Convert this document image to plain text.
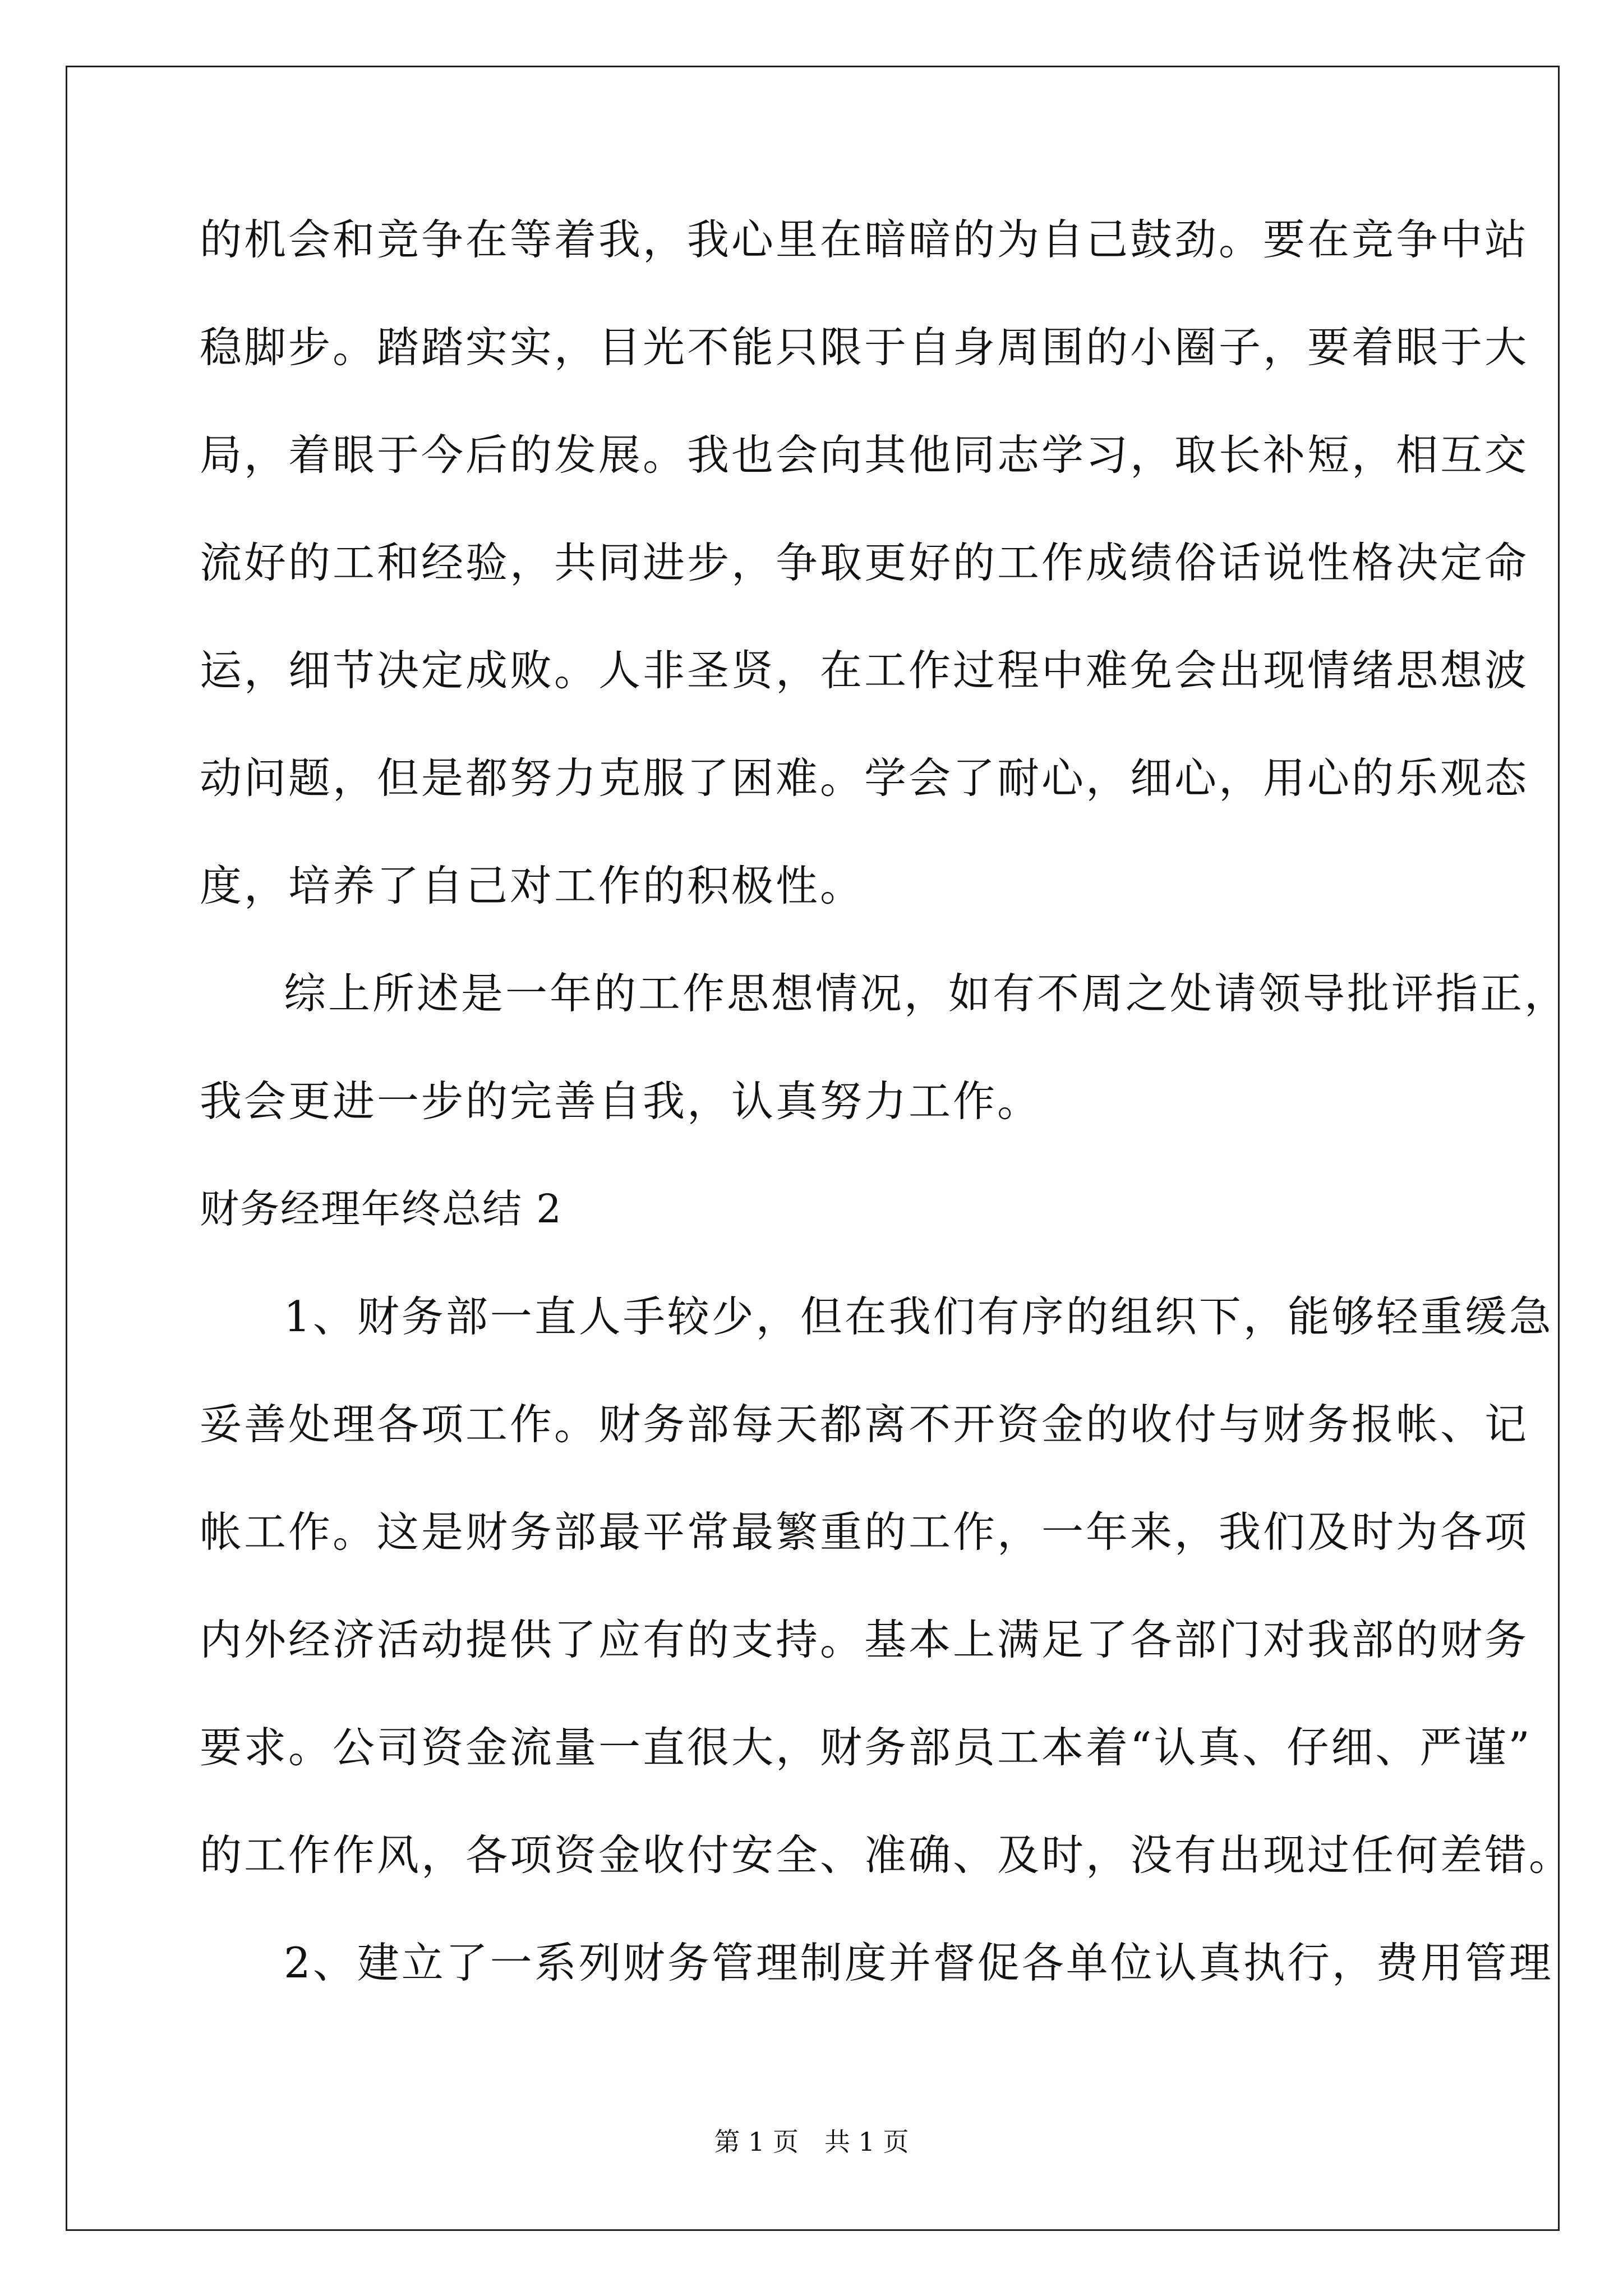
的机会和竞争在等着我，我心里在暗暗的为自己鼓劲。要在竞争中站
稳脚步。踏踏实实，目光不能只限于自身周围的小圈子，要着眼于大
局，着眼于今后的发展。我也会向其他同志学习，取长补短，相互交
流好的工和经验，共同进步，争取更好的工作成绩俗话说性格决定命
运，细节决定成败。人非圣贤，在工作过程中难免会出现情绪思想波
动问题，但是都努力克服了困难。学会了耐心，细心，用心的乐观态
度，培养了自己对工作的积极性。
综上所述是一年的工作思想情况，如有不周之处请领导批评指正，
我会更进一步的完善自我，认真努力工作。
财务经理年终总结 2
1、财务部一直人手较少，但在我们有序的组织下，能够轻重缓急
妥善处理各项工作。财务部每天都离不开资金的收付与财务报帐、记
帐工作。这是财务部最平常最繁重的工作，一年来，我们及时为各项
内外经济活动提供了应有的支持。基本上满足了各部门对我部的财务
要求。公司资金流量一直很大，财务部员工本着“认真、仔细、严谨”
的工作作风，各项资金收付安全、准确、及时，没有出现过任何差错。
2、建立了一系列财务管理制度并督促各单位认真执行，费用管理
第 1 页　共 1 页
